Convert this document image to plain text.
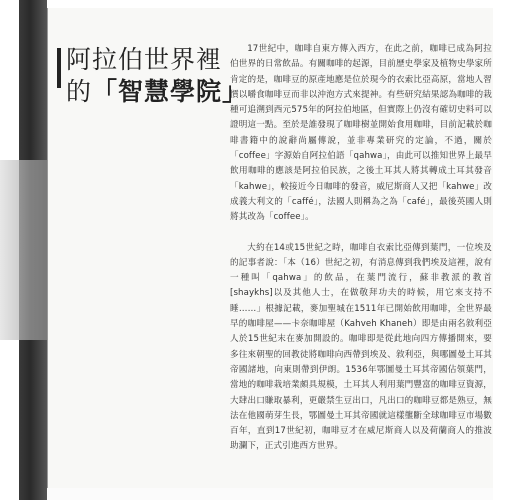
阿拉伯世界裡
的「智慧學院」

17世紀中，咖啡自東方傳入西方，在此之前，咖啡已成為阿拉伯世界的日常飲品。有關咖啡的起源，目前歷史學家及植物史學家所肯定的是，咖啡豆的原產地應是位於現今的衣索比亞高原，當地人習慣以嚼食咖啡豆而非以沖泡方式來提神。有些研究結果認為咖啡的栽種可追溯到西元575年的阿拉伯地區，但實際上仍沒有確切史料可以證明這一點。至於是誰發現了咖啡樹並開始食用咖啡，目前記載於咖啡書籍中的說辭尚屬傳說，並非專業研究的定論，不過，關於「coffee」字源始自阿拉伯語「qahwa」，由此可以推知世界上最早飲用咖啡的應該是阿拉伯民族，之後土耳其人將其轉成土耳其發音「kahwe」，較接近今日咖啡的發音，威尼斯商人又把「kahwe」改成義大利文的「caffé」，法國人則稱為之為「café」，最後英國人則將其改為「coffee」。

大約在14或15世紀之時，咖啡自衣索比亞傳到葉門，一位埃及的記事者說：「本（16）世紀之初，有消息傳到我們埃及這裡，說有一種叫「qahwa」的飲品，在葉門流行，蘇非教派的教首[shaykhs]以及其他人士，在做敬拜功夫的時候，用它來支持不睡……」根據記載，麥加聖城在1511年已開始飲用咖啡，全世界最早的咖啡屋——卡奈咖啡屋（Kahveh Khaneh）即是由兩名敘利亞人於15世紀末在麥加開設的。咖啡即是從此地向四方傳播開來，要多往來朝聖的回教徒將咖啡向西帶到埃及、敘利亞，與哪圖曼土耳其帝國諸地，向東則帶到伊朗。1536年鄂圖曼土耳其帝國佔領葉門，當地的咖啡栽培業頗具規模，土耳其人利用葉門豐富的咖啡豆資源，大肆出口賺取暴利，更嚴禁生豆出口，凡出口的咖啡豆都是熟豆，無法在他國萌芽生長，鄂圖曼土耳其帝國就這樣壟斷全球咖啡豆市場數百年，直到17世紀初，咖啡豆才在威尼斯商人以及荷蘭商人的推波助瀾下，正式引進西方世界。
